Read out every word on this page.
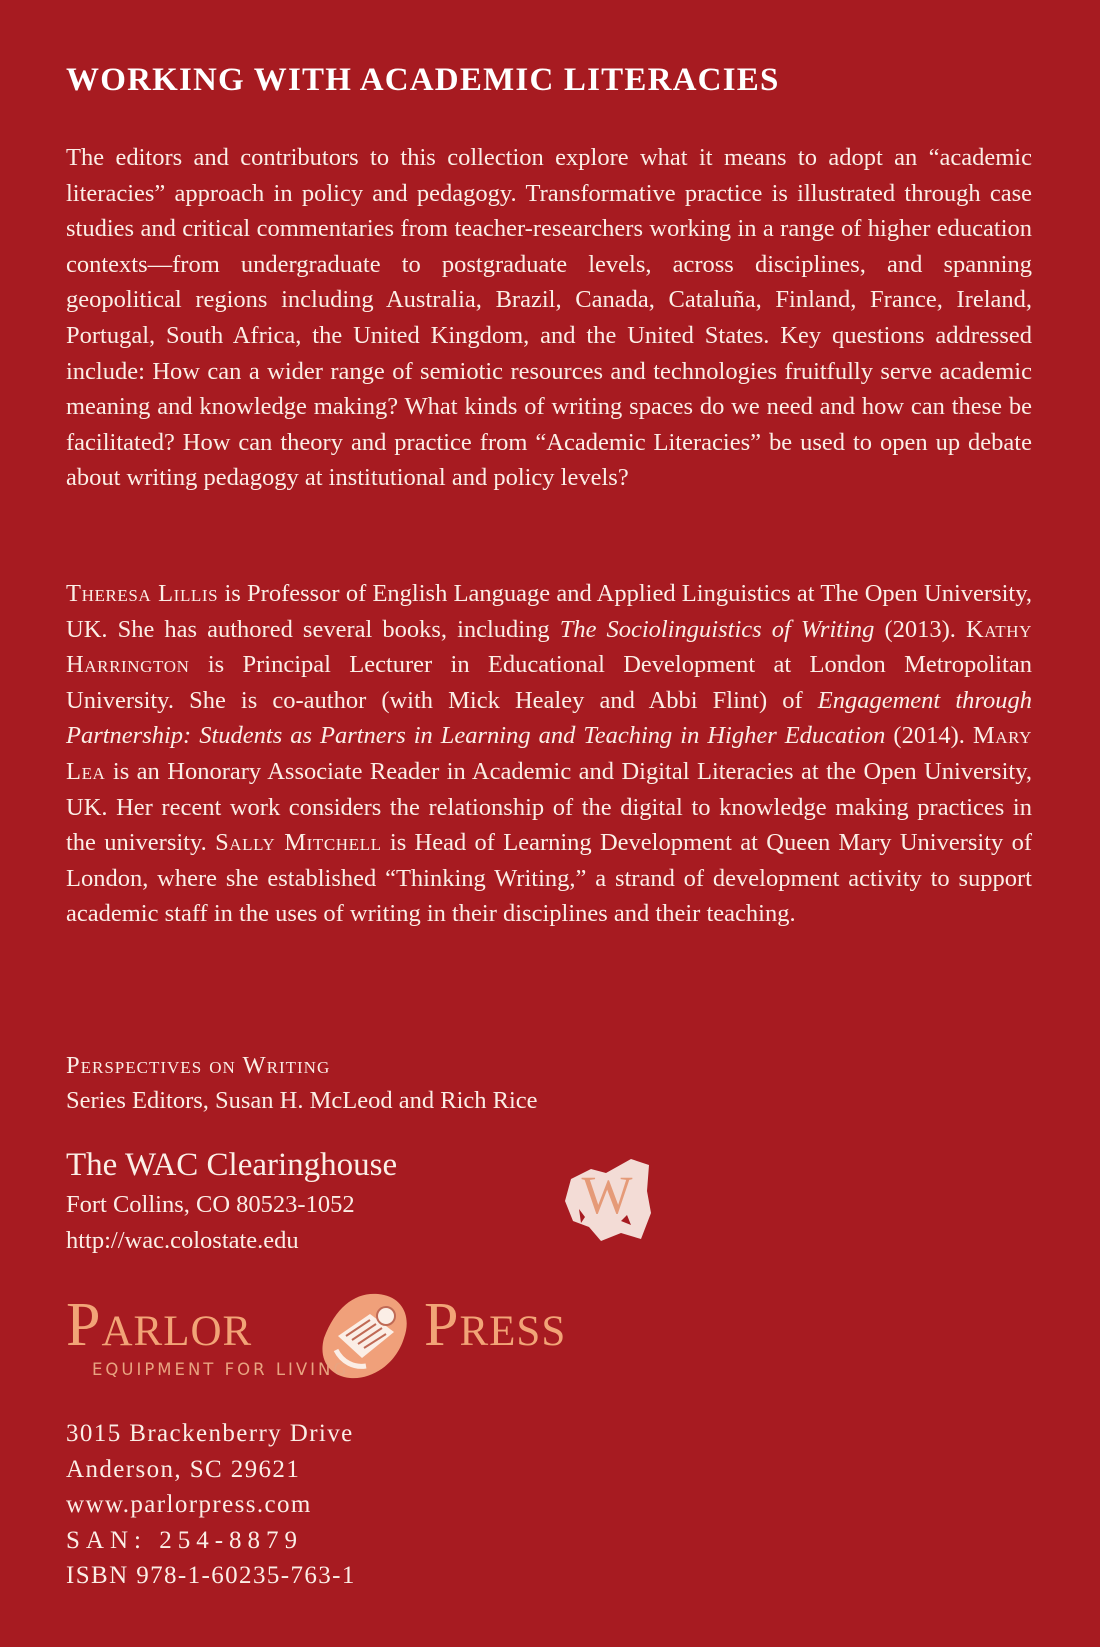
WORKING WITH ACADEMIC LITERACIES

The editors and contributors to this collection explore what it means to adopt an “academic literacies” approach in policy and pedagogy. Transformative practice is illustrated through case studies and critical commentaries from teacher-researchers working in a range of higher education contexts—from undergraduate to postgraduate levels, across disciplines, and spanning geopolitical regions including Australia, Brazil, Canada, Cataluña, Finland, France, Ireland, Portugal, South Africa, the United Kingdom, and the United States. Key questions addressed include: How can a wider range of semiotic resources and technologies fruitfully serve academic meaning and knowledge making? What kinds of writing spaces do we need and how can these be facilitated? How can theory and practice from “Academic Literacies” be used to open up debate about writing pedagogy at institutional and policy levels?

Theresa Lillis is Professor of English Language and Applied Linguistics at The Open University, UK. She has authored several books, including The Sociolinguistics of Writing (2013). Kathy Harrington is Principal Lecturer in Educational Development at London Metropolitan University. She is co-author (with Mick Healey and Abbi Flint) of Engagement through Partnership: Students as Partners in Learning and Teaching in Higher Education (2014). Mary Lea is an Honorary Associate Reader in Academic and Digital Literacies at the Open University, UK. Her recent work considers the relationship of the digital to knowledge making practices in the university. Sally Mitchell is Head of Learning Development at Queen Mary University of London, where she established “Thinking Writing,” a strand of development activity to support academic staff in the uses of writing in their disciplines and their teaching.

Perspectives on Writing
Series Editors, Susan H. McLeod and Rich Rice
The WAC Clearinghouse
Fort Collins, CO 80523-1052
http://wac.colostate.edu
W
Parlor	Press
EQUIPMENT FOR LIVING
3015 Brackenberry Drive
Anderson, SC 29621
www.parlorpress.com
SAN: 254-8879
ISBN 978-1-60235-763-1
